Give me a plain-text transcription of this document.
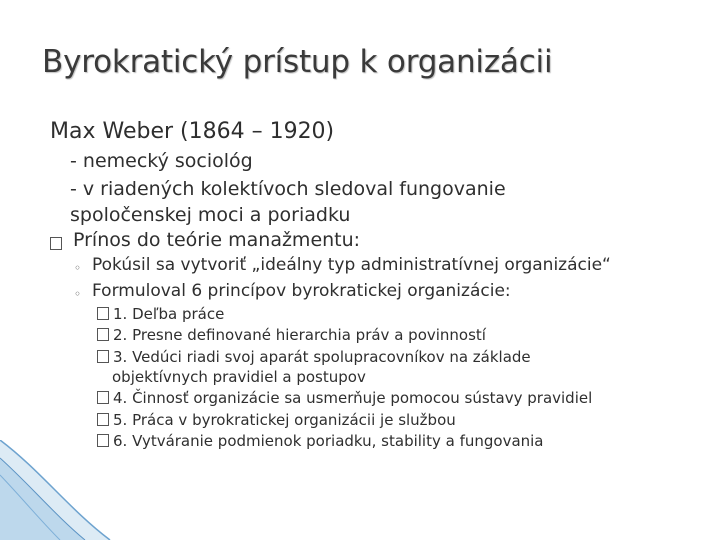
Byrokratický prístup k organizácii
Max Weber (1864 – 1920)
- nemecký sociológ
- v riadených kolektívoch sledoval fungovanie
spoločenskej moci a poriadku
Prínos do teórie manažmentu:
◦ Pokúsil sa vytvoriť „ideálny typ administratívnej organizácie“
◦ Formuloval 6 princípov byrokratickej organizácie:
1. Deľba práce
2. Presne definované hierarchia práv a povinností
3. Vedúci riadi svoj aparát spolupracovníkov na základe
objektívnych pravidiel a postupov
4. Činnosť organizácie sa usmerňuje pomocou sústavy pravidiel
5. Práca v byrokratickej organizácii je službou
6. Vytváranie podmienok poriadku, stability a fungovania
